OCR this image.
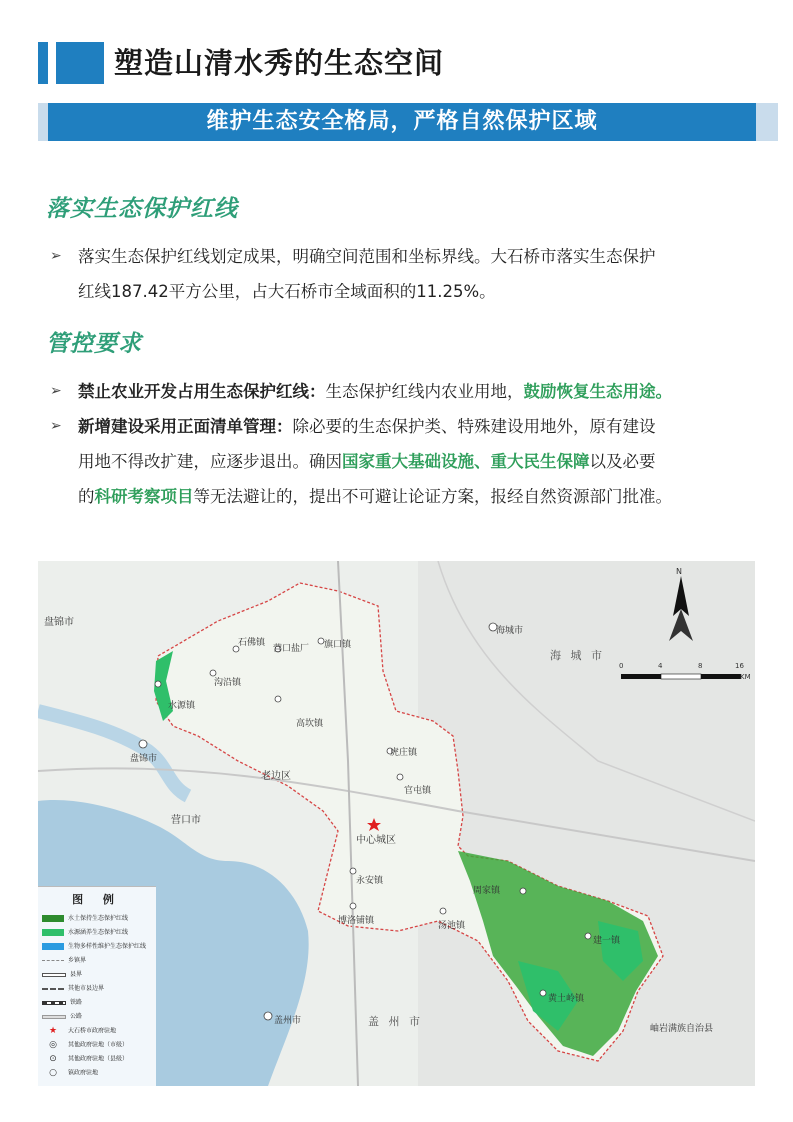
塑造山清水秀的生态空间
维护生态安全格局，严格自然保护区域
落实生态保护红线
➢ 落实生态保护红线划定成果，明确空间范围和坐标界线。大石桥市落实生态保护
红线187.42平方公里，占大石桥市全域面积的11.25%。
管控要求
➢ 禁止农业开发占用生态保护红线：生态保护红线内农业用地，鼓励恢复生态用途。
➢ 新增建设采用正面清单管理：除必要的生态保护类、特殊建设用地外，原有建设
用地不得改扩建，应逐步退出。确因国家重大基础设施、重大民生保障以及必要
的科研考察项目等无法避让的，提出不可避让论证方案，报经自然资源部门批准。
盘锦市
海城市
海 城 市
老边区
营口市
盘锦市
盖州市	盖 州 市
岫岩满族自治县
中心城区
石佛镇
营口盐厂 旗口镇
沟沿镇
水源镇
高坎镇
虎庄镇
官屯镇
永安镇
博洛铺镇	汤池镇
周家镇
建一镇
黄土岭镇
N
0	4	8	16
KM
图 例
水土保持生态保护红线
水源涵养生态保护红线
生物多样性维护生态保护红线
乡镇界
县界
其他市县边界
铁路
公路
★ 大石桥市政府驻地
◎ 其他政府驻地（市级）
⊙ 其他政府驻地（县级）
○ 镇政府驻地
